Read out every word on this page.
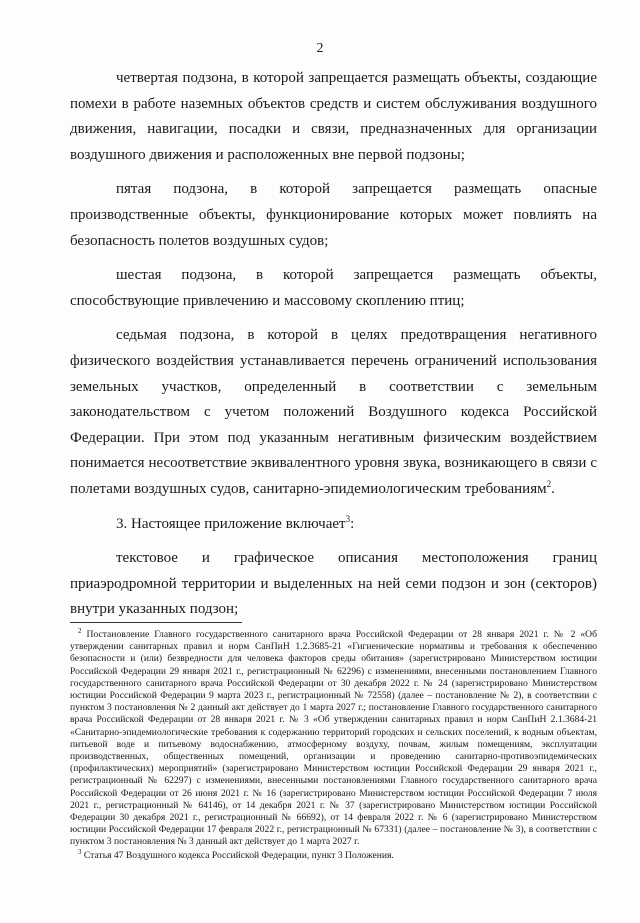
2

четвертая подзона, в которой запрещается размещать объекты, создающие помехи в работе наземных объектов средств и систем обслуживания воздушного движения, навигации, посадки и связи, предназначенных для организации воздушного движения и расположенных вне первой подзоны;

пятая подзона, в которой запрещается размещать опасные производственные объекты, функционирование которых может повлиять на безопасность полетов воздушных судов;

шестая подзона, в которой запрещается размещать объекты, способствующие привлечению и массовому скоплению птиц;

седьмая подзона, в которой в целях предотвращения негативного физического воздействия устанавливается перечень ограничений использования земельных участков, определенный в соответствии с земельным законодательством с учетом положений Воздушного кодекса Российской Федерации. При этом под указанным негативным физическим воздействием понимается несоответствие эквивалентного уровня звука, возникающего в связи с полетами воздушных судов, санитарно-эпидемиологическим требованиям$^2$.

3. Настоящее приложение включает$^3$:

текстовое и графическое описания местоположения границ приаэродромной территории и выделенных на ней семи подзон и зон (секторов) внутри указанных подзон;

$^2$ Постановление Главного государственного санитарного врача Российской Федерации от 28 января 2021 г. № 2 «Об утверждении санитарных правил и норм СанПиН 1.2.3685-21 «Гигиенические нормативы и требования к обеспечению безопасности и (или) безвредности для человека факторов среды обитания» (зарегистрировано Министерством юстиции Российской Федерации 29 января 2021 г., регистрационный № 62296) с изменениями, внесенными постановлением Главного государственного санитарного врача Российской Федерации от 30 декабря 2022 г. № 24 (зарегистрировано Министерством юстиции Российской Федерации 9 марта 2023 г., регистрационный № 72558) (далее – постановление № 2), в соответствии с пунктом 3 постановления № 2 данный акт действует до 1 марта 2027 г.; постановление Главного государственного санитарного врача Российской Федерации от 28 января 2021 г. № 3 «Об утверждении санитарных правил и норм СанПиН 2.1.3684-21 «Санитарно-эпидемиологические требования к содержанию территорий городских и сельских поселений, к водным объектам, питьевой воде и питьевому водоснабжению, атмосферному воздуху, почвам, жилым помещениям, эксплуатации производственных, общественных помещений, организации и проведению санитарно-противоэпидемических (профилактических) мероприятий» (зарегистрировано Министерством юстиции Российской Федерации 29 января 2021 г., регистрационный № 62297) с изменениями, внесенными постановлениями Главного государственного санитарного врача Российской Федерации от 26 июня 2021 г. № 16 (зарегистрировано Министерством юстиции Российской Федерации 7 июля 2021 г., регистрационный № 64146), от 14 декабря 2021 г. № 37 (зарегистрировано Министерством юстиции Российской Федерации 30 декабря 2021 г., регистрационный № 66692), от 14 февраля 2022 г. № 6 (зарегистрировано Министерством юстиции Российской Федерации 17 февраля 2022 г., регистрационный № 67331) (далее – постановление № 3), в соответствии с пунктом 3 постановления № 3 данный акт действует до 1 марта 2027 г.

$^3$ Статья 47 Воздушного кодекса Российской Федерации, пункт 3 Положения.
